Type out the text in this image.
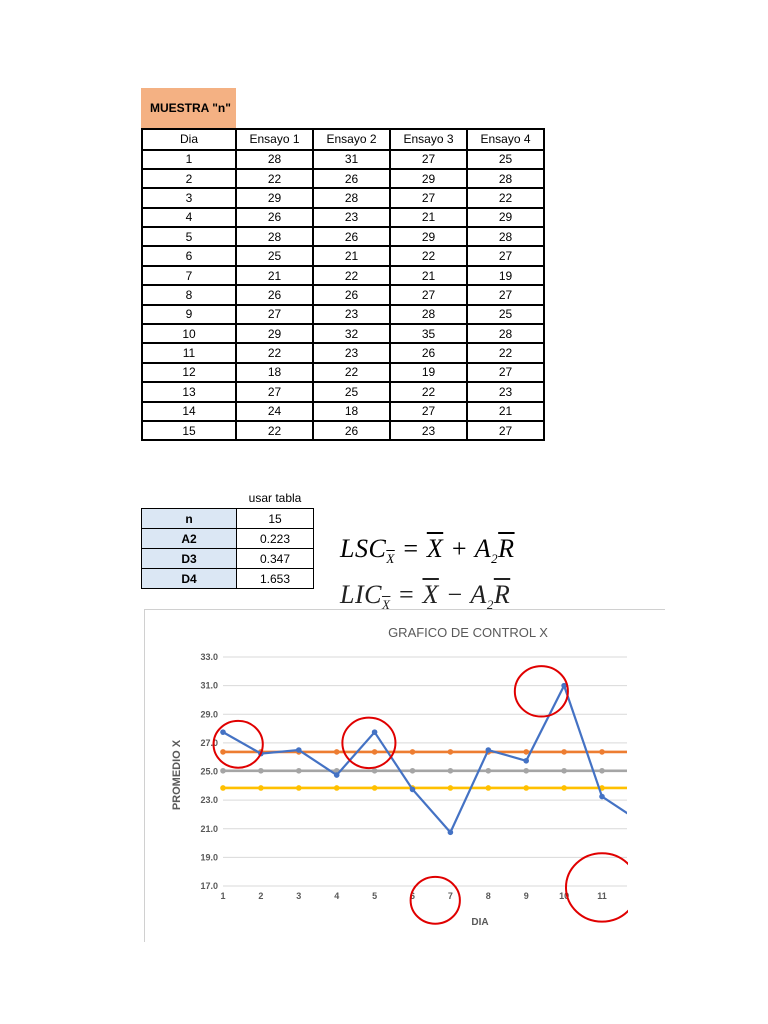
MUESTRA "n"
Dia	Ensayo 1	Ensayo 2	Ensayo 3	Ensayo 4
1	28	31	27	25
2	22	26	29	28
3	29	28	27	22
4	26	23	21	29
5	28	26	29	28
6	25	21	22	27
7	21	22	21	19
8	26	26	27	27
9	27	23	28	25
10	29	32	35	28
11	22	23	26	22
12	18	22	19	27
13	27	25	22	23
14	24	18	27	21
15	22	26	23	27
usar tabla
n	15
A2	0.223
D3	0.347
D4	1.653
$LSC_{\overline{X}} = \overline{X} + A_2\overline{R}$
$LIC_{\overline{X}} = \overline{X} - A_2\overline{R}$
GRAFICO DE CONTROL X
PROMEDIO X
DIA
17.0
19.0
21.0
23.0
25.0
27.0
29.0
31.0
33.0
1	2	3	4	5	6	7	8	9	10	11
